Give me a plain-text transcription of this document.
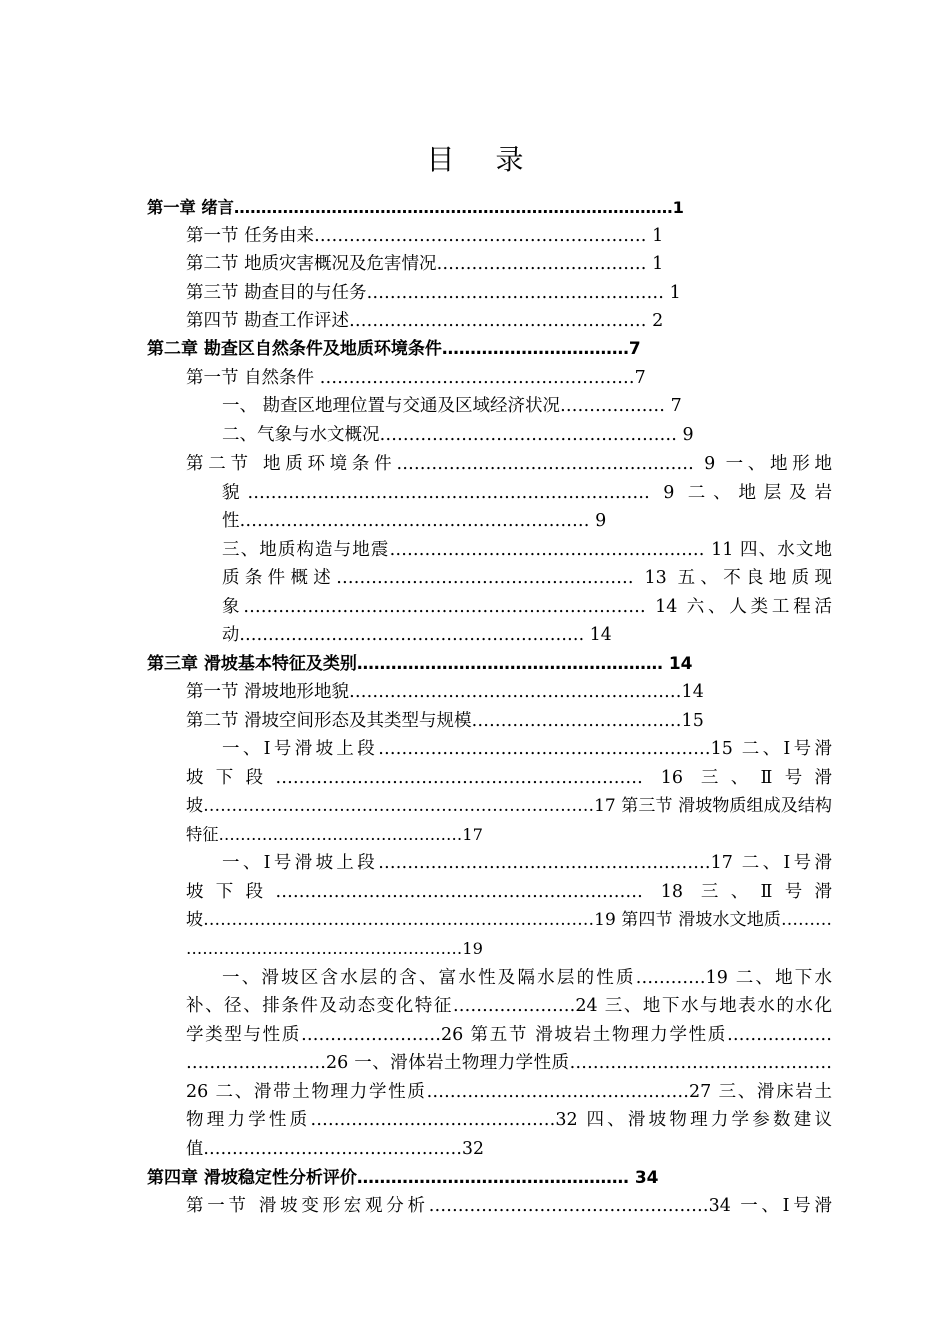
目 录
第一章 绪言………………………………………………………………………1
第一节 任务由来………………………………………………… 1
第二节 地质灾害概况及危害情况……………………………… 1
第三节 勘查目的与任务…………………………………………… 1
第四节 勘查工作评述…………………………………………… 2
第二章 勘查区自然条件及地质环境条件……………………………7
第一节 自然条件 ………………………………………………7
一、 勘查区地理位置与交通及区域经济状况……………… 7
二、气象与水文概况…………………………………………… 9
第二节 地质环境条件…………………………………………… 9 一、地形地
貌…………………………………………………………… 9 二、地层及岩
性…………………………………………………… 9
三、地质构造与地震……………………………………………… 11 四、水文地
质条件概述…………………………………………… 13 五、不良地质现
象…………………………………………………………… 14 六、人类工程活
动…………………………………………………… 14
第三章 滑坡基本特征及类别……………………………………………… 14
第一节 滑坡地形地貌…………………………………………………14
第二节 滑坡空间形态及其类型与规模………………………………15
一、Ⅰ号滑坡上段…………………………………………………15 二、Ⅰ号滑
坡下段……………………………………………………… 16 三、Ⅱ号滑
坡……………………………………………………………17 第三节 滑坡物质组成及结构
特征………………………………………17
一、Ⅰ号滑坡上段…………………………………………………17 二、Ⅰ号滑
坡下段……………………………………………………… 18 三、Ⅱ号滑
坡……………………………………………………………19 第四节 滑坡水文地质………
……………………………………………19
一、滑坡区含水层的含、富水性及隔水层的性质…………19 二、地下水
补、径、排条件及动态变化特征…………………24 三、地下水与地表水的水化
学类型与性质……………………26 第五节 滑坡岩土物理力学性质………………
……………………26 一、滑体岩土物理力学性质………………………………………
26 二、滑带土物理力学性质………………………………………27 三、滑床岩土
物理力学性质……………………………………32 四、滑坡物理力学参数建议
值………………………………………32
第四章 滑坡稳定性分析评价………………………………………… 34
第一节 滑坡变形宏观分析…………………………………………34 一、Ⅰ号滑
